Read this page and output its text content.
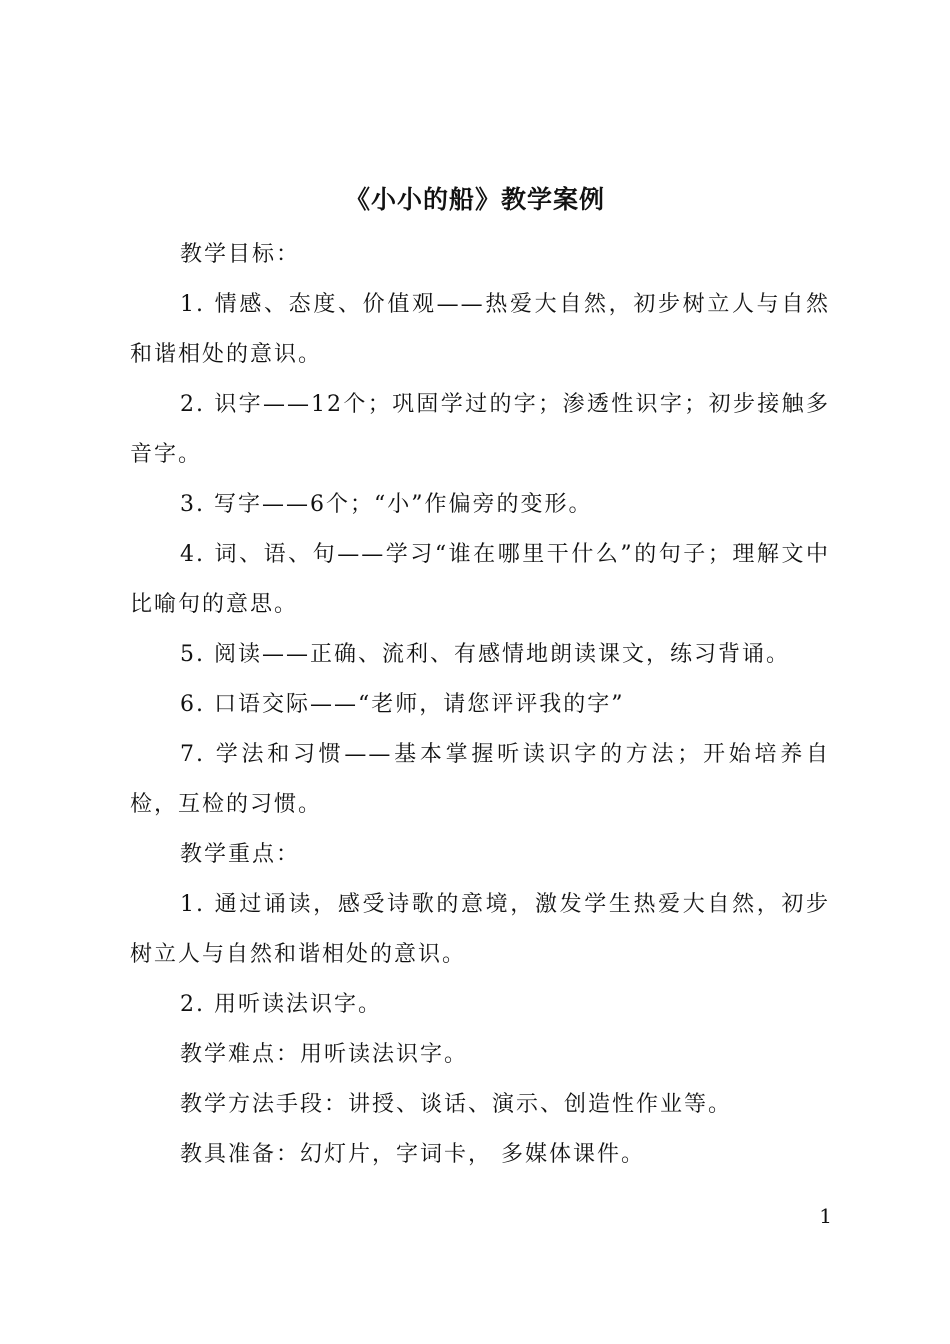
《小小的船》教学案例

教学目标：

1. 情感、态度、价值观——热爱大自然，初步树立人与自然和谐相处的意识。

2. 识字——12个；巩固学过的字；渗透性识字；初步接触多音字。

3. 写字——6个；“小”作偏旁的变形。

4. 词、语、句——学习“谁在哪里干什么”的句子；理解文中比喻句的意思。

5. 阅读——正确、流利、有感情地朗读课文，练习背诵。

6. 口语交际——“老师，请您评评我的字”

7. 学法和习惯——基本掌握听读识字的方法；开始培养自检，互检的习惯。

教学重点：

1. 通过诵读，感受诗歌的意境，激发学生热爱大自然，初步树立人与自然和谐相处的意识。

2. 用听读法识字。

教学难点：用听读法识字。

教学方法手段：讲授、谈话、演示、创造性作业等。

教具准备：幻灯片，字词卡， 多媒体课件。

1
